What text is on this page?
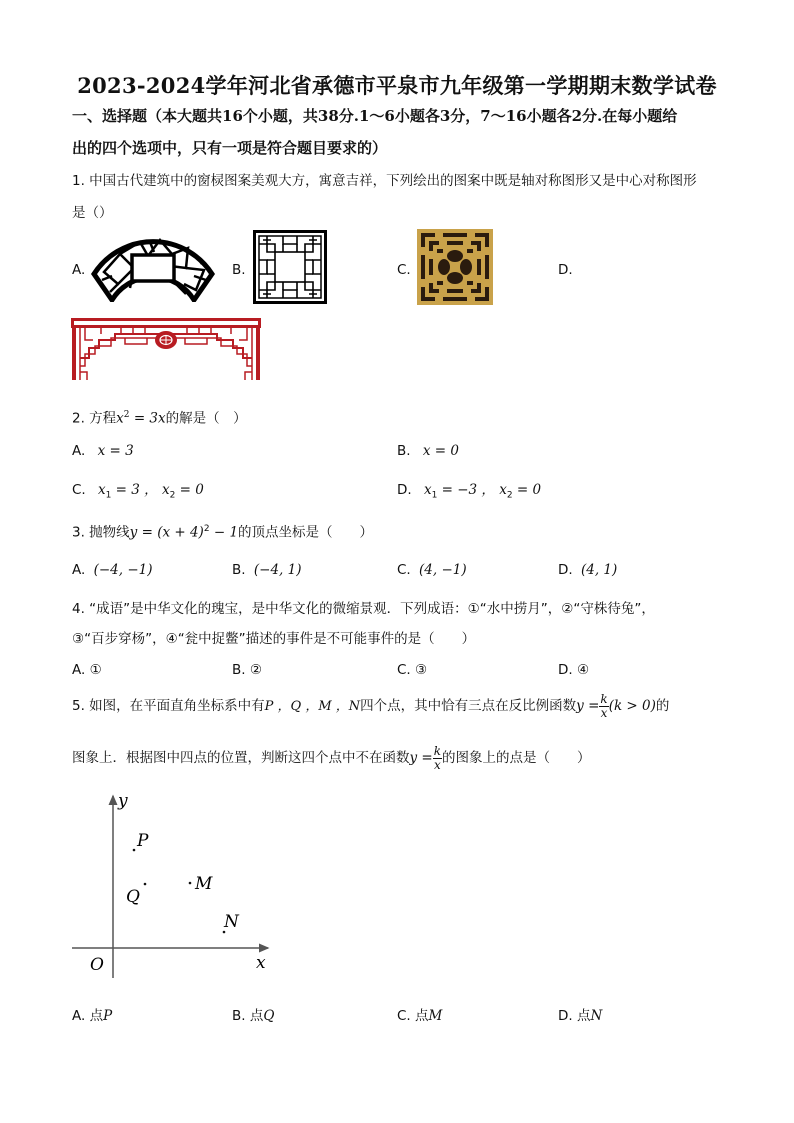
2023-2024学年河北省承德市平泉市九年级第一学期期末数学试卷
一、选择题（本大题共16个小题，共38分.1～6小题各3分，7～16小题各2分.在每小题给
出的四个选项中，只有一项是符合题目要求的）
1. 中国古代建筑中的窗棂图案美观大方，寓意吉祥，下列绘出的图案中既是轴对称图形又是中心对称图形
是（）
A.	B.	C.	D.
2. 方程$x^2 = 3x$的解是（　）
A. x = 3	B. x = 0
C. $x_1 = 3$ ， $x_2 = 0$	D. $x_1 = -3$ ， $x_2 = 0$
3. 抛物线$y = (x + 4)^2 - 1$的顶点坐标是（　　）
A. (−4, −1)	B. (−4, 1)	C. (4, −1)	D. (4, 1)
4. “成语”是中华文化的瑰宝，是中华文化的微缩景观．下列成语：①“水中捞月”，②“守株待兔”，
③“百步穿杨”，④“瓮中捉鳖”描述的事件是不可能事件的是（　　）
A. ①	B. ②	C. ③	D. ④
5. 如图，在平面直角坐标系中有P ，Q ，M ，N四个点，其中恰有三点在反比例函数$y = \frac{k}{x} (k > 0)$的
图象上．根据图中四点的位置，判断这四个点中不在函数$y = \frac{k}{x}$ 的图象上的点是（　　）
y
x
O
P
Q
M
N
A. 点P	B. 点Q	C. 点M	D. 点N
